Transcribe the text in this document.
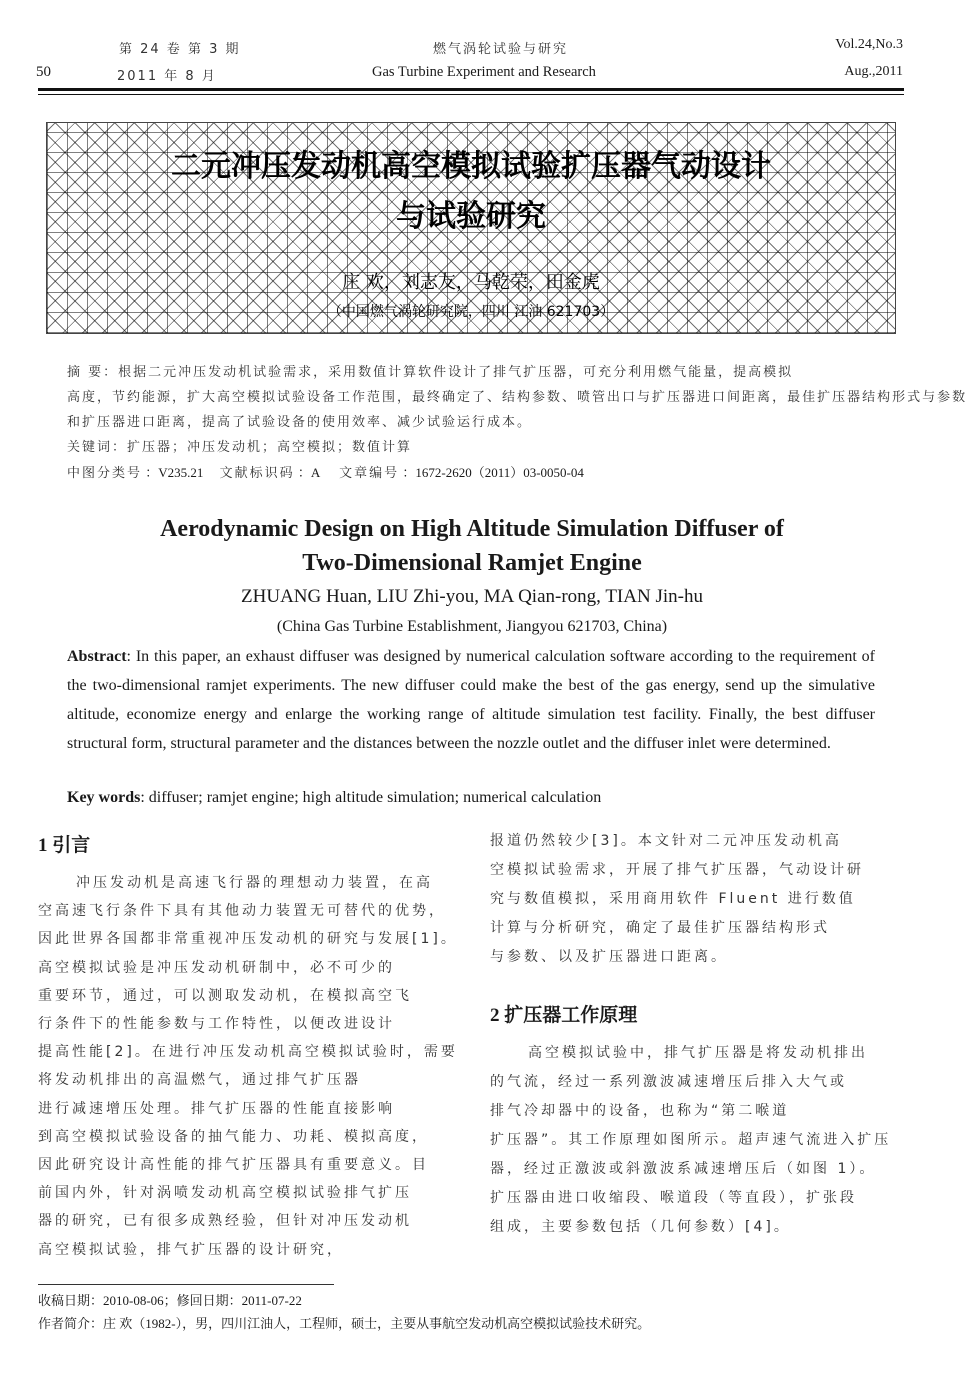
第 24 卷 第 3 期	燃气涡轮试验与研究	Vol.24,No.3
50	2011 年 8 月	Gas Turbine Experiment and Research	Aug.,2011
二元冲压发动机高空模拟试验扩压器气动设计
与试验研究
庄 欢，刘志友，马乾荣，田金虎
（中国燃气涡轮研究院，四川 江油 621703）
摘 要：根据二元冲压发动机试验需求，采用数值计算软件设计了排气扩压器，可充分利用燃气能量，提高模拟
高度，节约能源，扩大高空模拟试验设备工作范围，最终确定了、结构参数、喷管出口与扩压器进口间距离，最佳扩压器结构形式与参数
和扩压器进口距离，提高了试验设备的使用效率、减少试验运行成本。
关键词：扩压器；冲压发动机；高空模拟；数值计算
中图分类号 ：V235.21 文献标识码 ：A 文章编号 ：1672-2620（2011）03-0050-04
Aerodynamic Design on High Altitude Simulation Diffuser of
Two-Dimensional Ramjet Engine
ZHUANG Huan, LIU Zhi-you, MA Qian-rong, TIAN Jin-hu
(China Gas Turbine Establishment, Jiangyou 621703, China)
Abstract: In this paper, an exhaust diffuser was designed by numerical calculation software according to the requirement of the two-dimensional ramjet experiments. The new diffuser could make the best of the gas energy, send up the simulative altitude, economize energy and enlarge the working range of altitude simulation test facility. Finally, the best diffuser structural form, structural parameter and the distances between the nozzle outlet and the diffuser inlet were determined.
Key words: diffuser; ramjet engine; high altitude simulation; numerical calculation
1 引言
冲压发动机是高速飞行器的理想动力装置，在高
空高速飞行条件下具有其他动力装置无可替代的优势，
因此世界各国都非常重视冲压发动机的研究与发展[1]。
高空模拟试验是冲压发动机研制中，必不可少的
重要环节，通过，可以测取发动机，在模拟高空飞
行条件下的性能参数与工作特性，以便改进设计
提高性能[2]。在进行冲压发动机高空模拟试验时，需要
将发动机排出的高温燃气，通过排气扩压器
进行减速增压处理。排气扩压器的性能直接影响
到高空模拟试验设备的抽气能力、功耗、模拟高度，
因此研究设计高性能的排气扩压器具有重要意义。目
前国内外，针对涡喷发动机高空模拟试验排气扩压
器的研究，已有很多成熟经验，但针对冲压发动机
高空模拟试验，排气扩压器的设计研究，
报道仍然较少[3]。本文针对二元冲压发动机高
空模拟试验需求，开展了排气扩压器，气动设计研
究与数值模拟，采用商用软件 Fluent 进行数值
计算与分析研究，确定了最佳扩压器结构形式
与参数、以及扩压器进口距离。
2 扩压器工作原理
高空模拟试验中，排气扩压器是将发动机排出
的气流，经过一系列激波减速增压后排入大气或
排气冷却器中的设备，也称为“第二喉道
扩压器”。其工作原理如图所示。超声速气流进入扩压
器，经过正激波或斜激波系减速增压后（如图 1）。
扩压器由进口收缩段、喉道段（等直段），扩张段
组成，主要参数包括（几何参数）[4]。
收稿日期：2010-08-06；修回日期：2011-07-22
作者简介：庄 欢（1982-），男，四川江油人，工程师，硕士，主要从事航空发动机高空模拟试验技术研究。
